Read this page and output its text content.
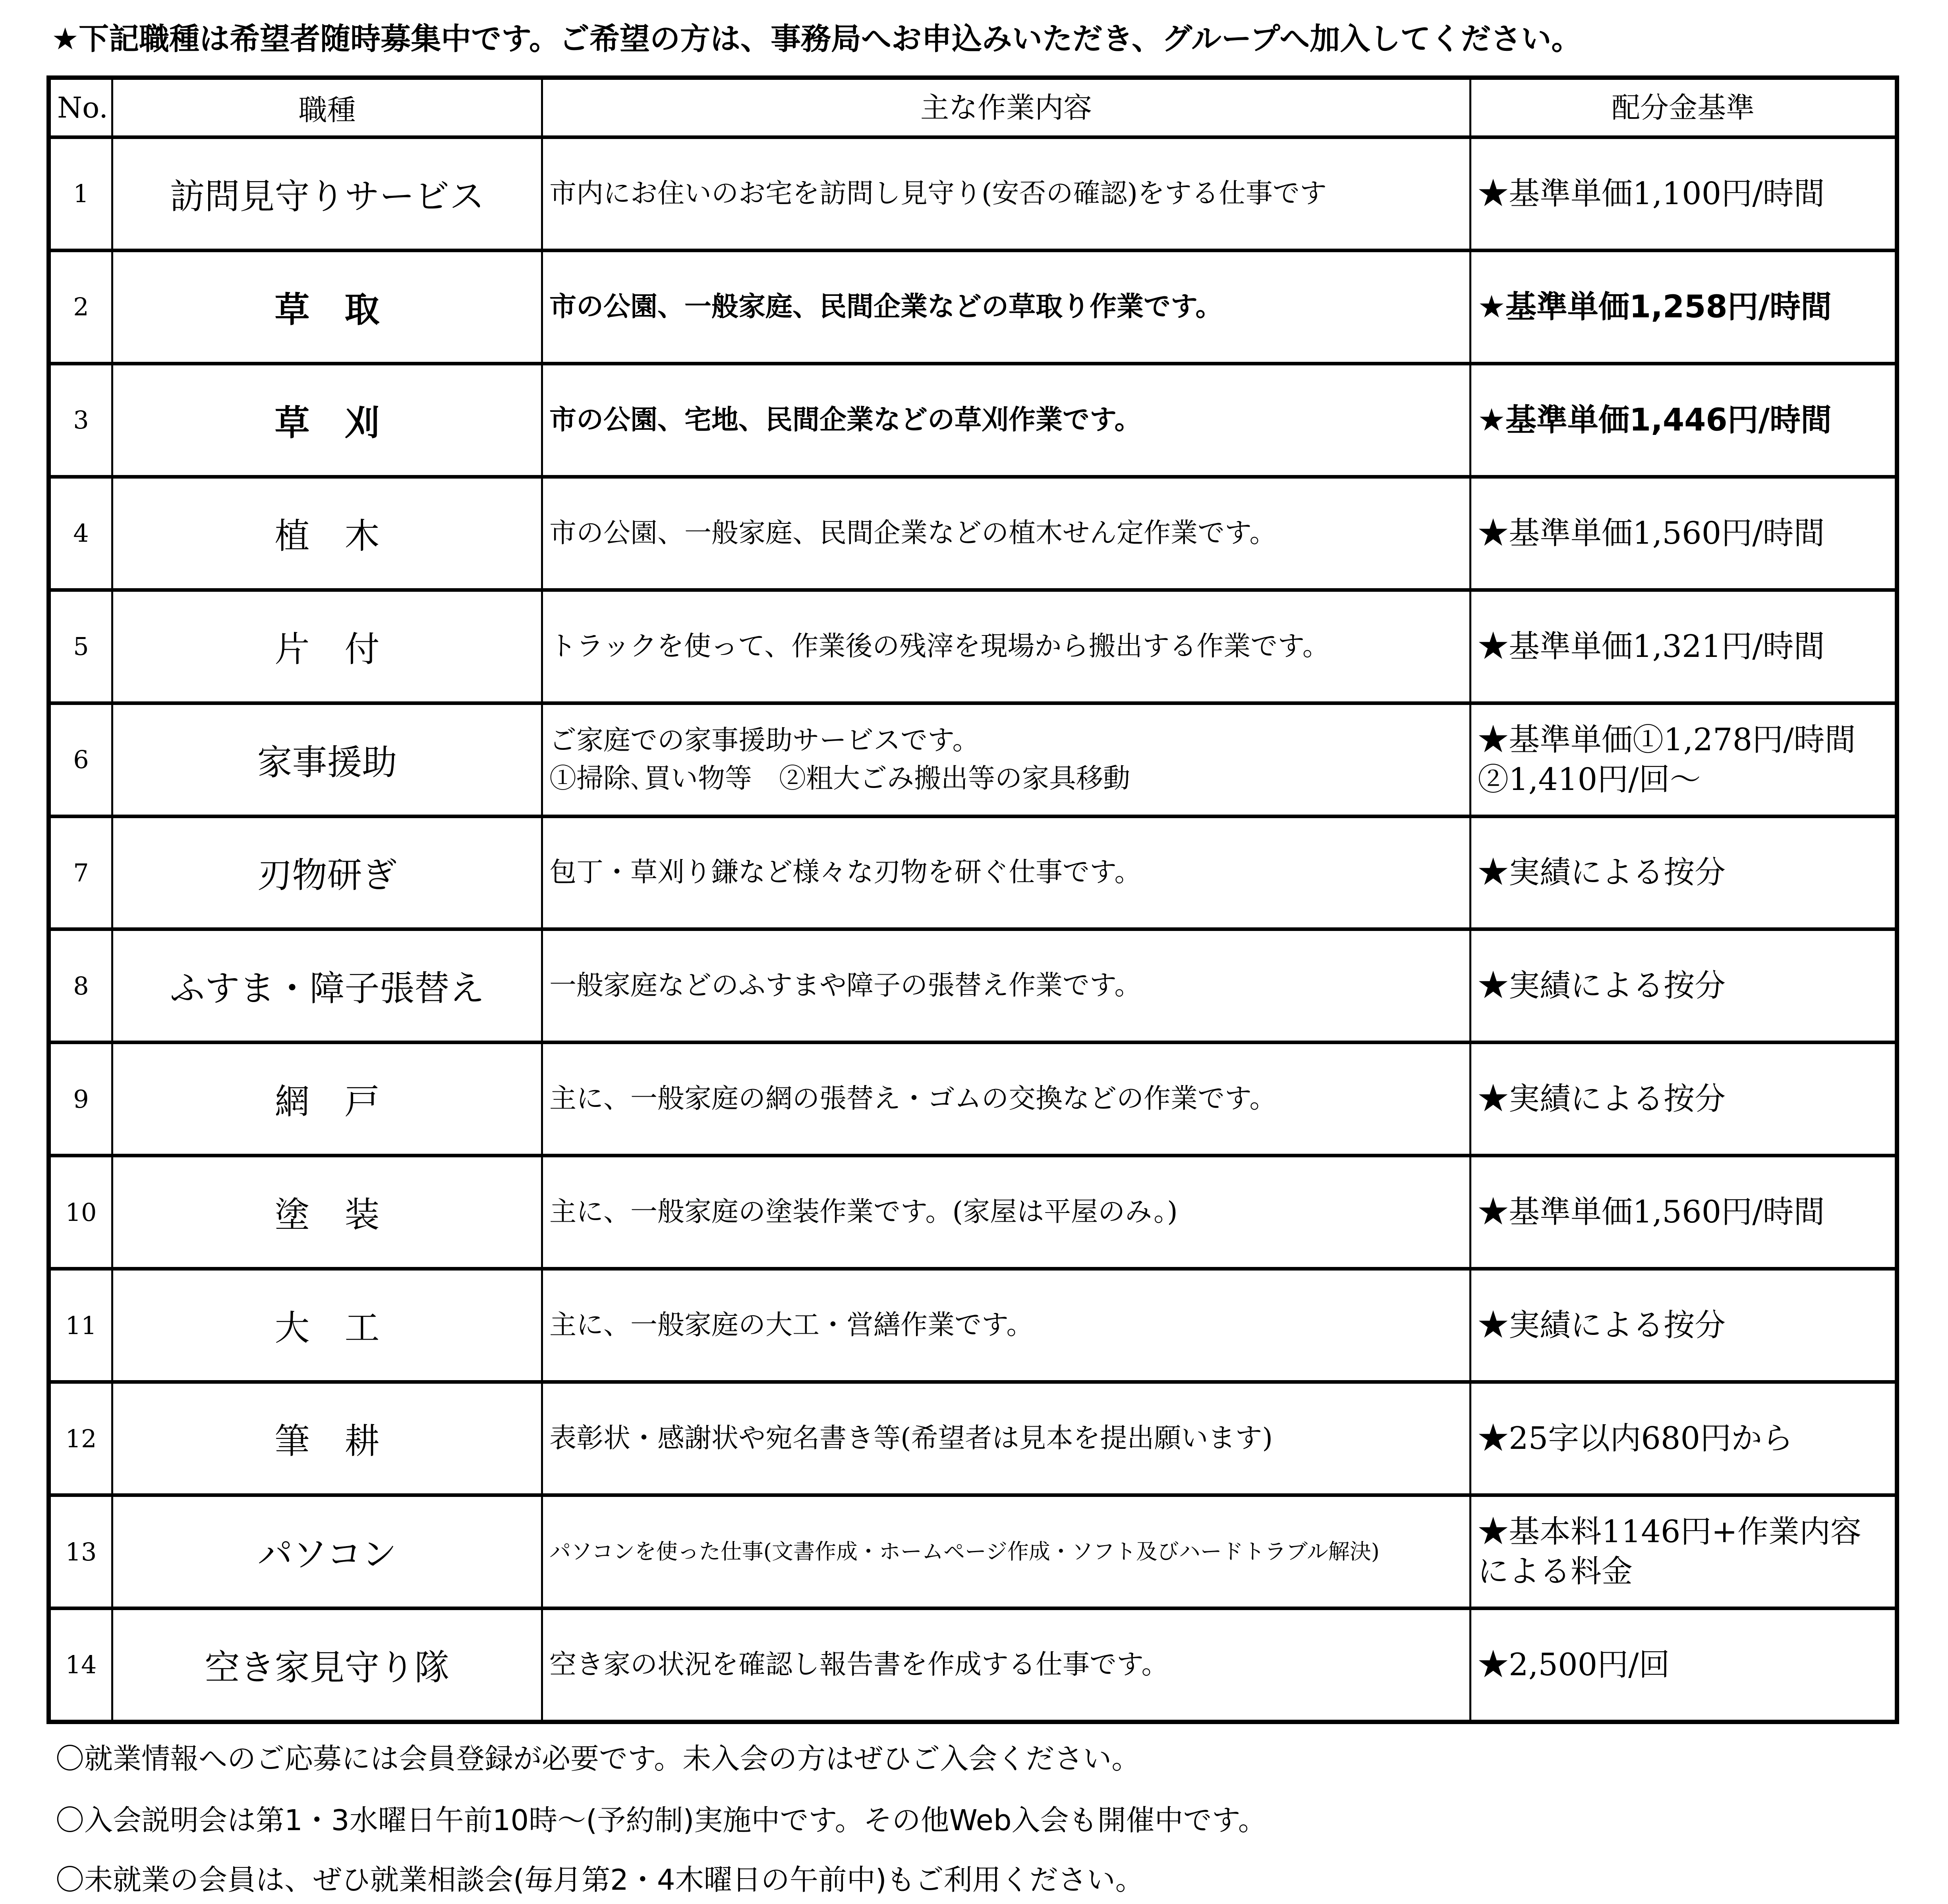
★下記職種は希望者随時募集中です。ご希望の方は、事務局へお申込みいただき、グループへ加入してください。
No.	職種	主な作業内容	配分金基準
1	訪問見守りサービス	市内にお住いのお宅を訪問し見守り(安否の確認)をする仕事です	★基準単価1,100円/時間
2	草　取	市の公園、一般家庭、民間企業などの草取り作業です。	★基準単価1,258円/時間
3	草　刈	市の公園、宅地、民間企業などの草刈作業です。	★基準単価1,446円/時間
4	植　木	市の公園、一般家庭、民間企業などの植木せん定作業です。	★基準単価1,560円/時間
5	片　付	トラックを使って、作業後の残滓を現場から搬出する作業です。	★基準単価1,321円/時間
6	家事援助	ご家庭での家事援助サービスです。
①掃除､買い物等　②粗大ごみ搬出等の家具移動	★基準単価①1,278円/時間　②1,410円/回～
7	刃物研ぎ	包丁・草刈り鎌など様々な刃物を研ぐ仕事です。	★実績による按分
8	ふすま・障子張替え	一般家庭などのふすまや障子の張替え作業です。	★実績による按分
9	網　戸	主に、一般家庭の網の張替え・ゴムの交換などの作業です。	★実績による按分
10	塗　装	主に、一般家庭の塗装作業です。(家屋は平屋のみ。)	★基準単価1,560円/時間
11	大　工	主に、一般家庭の大工・営繕作業です。	★実績による按分
12	筆　耕	表彰状・感謝状や宛名書き等(希望者は見本を提出願います)	★25字以内680円から
13	パソコン	パソコンを使った仕事(文書作成・ホームページ作成・ソフト及びハードトラブル解決)	★基本料1146円+作業内容による料金
14	空き家見守り隊	空き家の状況を確認し報告書を作成する仕事です。	★2,500円/回
〇就業情報へのご応募には会員登録が必要です。未入会の方はぜひご入会ください。
〇入会説明会は第1・3水曜日午前10時～(予約制)実施中です。その他Web入会も開催中です。
〇未就業の会員は、ぜひ就業相談会(毎月第2・4木曜日の午前中)もご利用ください。
